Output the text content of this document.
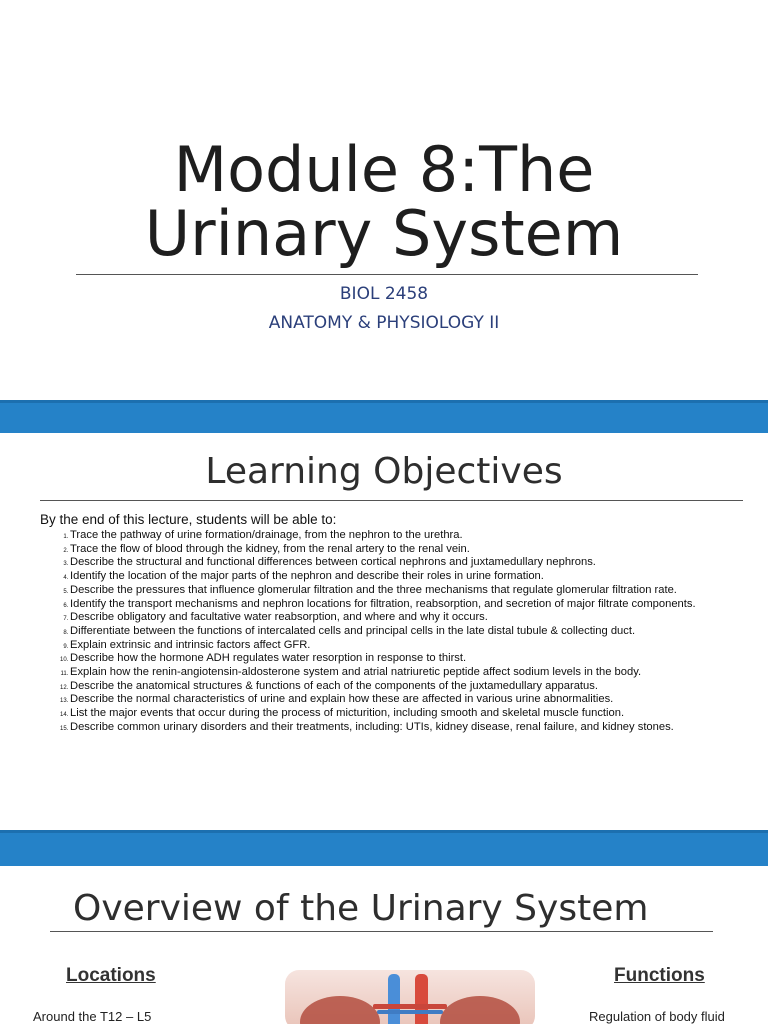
Module 8:The
Urinary System
BIOL 2458
ANATOMY & PHYSIOLOGY II
Learning Objectives
By the end of this lecture, students will be able to:
1. Trace the pathway of urine formation/drainage, from the nephron to the urethra.
2. Trace the flow of blood through the kidney, from the renal artery to the renal vein.
3. Describe the structural and functional differences between cortical nephrons and juxtamedullary nephrons.
4. Identify the location of the major parts of the nephron and describe their roles in urine formation.
5. Describe the pressures that influence glomerular filtration and the three mechanisms that regulate glomerular filtration rate.
6. Identify the transport mechanisms and nephron locations for filtration, reabsorption, and secretion of major filtrate components.
7. Describe obligatory and facultative water reabsorption, and where and why it occurs.
8. Differentiate between the functions of intercalated cells and principal cells in the late distal tubule & collecting duct.
9. Explain extrinsic and intrinsic factors affect GFR.
10. Describe how the hormone ADH regulates water resorption in response to thirst.
11. Explain how the renin-angiotensin-aldosterone system and atrial natriuretic peptide affect sodium levels in the body.
12. Describe the anatomical structures & functions of each of the components of the juxtamedullary apparatus.
13. Describe the normal characteristics of urine and explain how these are affected in various urine abnormalities.
14. List the major events that occur during the process of micturition, including smooth and skeletal muscle function.
15. Describe common urinary disorders and their treatments, including: UTIs, kidney disease, renal failure, and kidney stones.
Overview of the Urinary System
Locations
Around the T12 – L5
Functions
Regulation of body fluid
